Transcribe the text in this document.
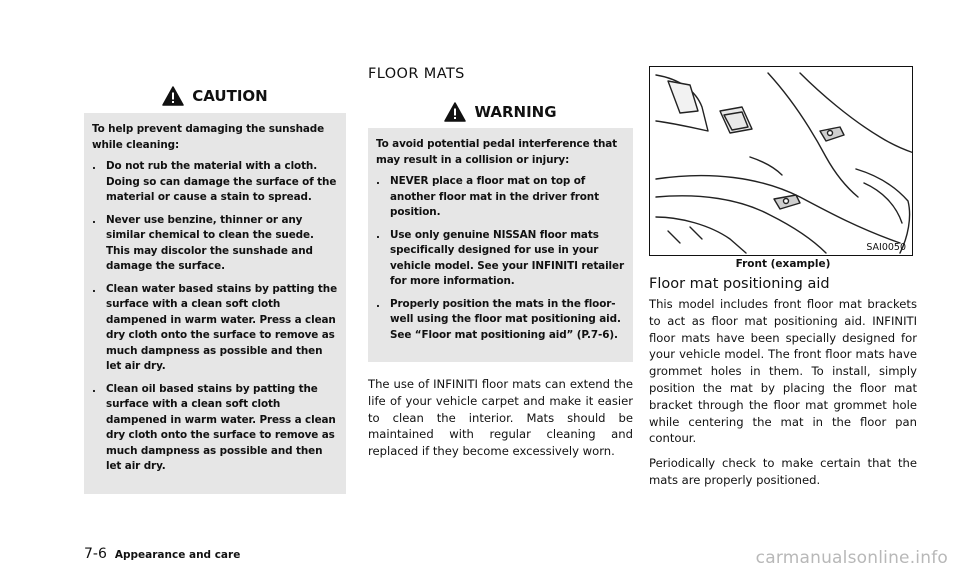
CAUTION

To help prevent damaging the sunshade while cleaning:

. Do not rub the material with a cloth. Doing so can damage the surface of the material or cause a stain to spread.
. Never use benzine, thinner or any similar chemical to clean the suede. This may discolor the sunshade and damage the surface.
. Clean water based stains by patting the surface with a clean soft cloth dampened in warm water. Press a clean dry cloth onto the surface to remove as much dampness as possible and then let air dry.
. Clean oil based stains by patting the surface with a clean soft cloth dampened in warm water. Press a clean dry cloth onto the surface to remove as much dampness as possible and then let air dry.
FLOOR MATS
WARNING

To avoid potential pedal interference that may result in a collision or injury:

. NEVER place a floor mat on top of another floor mat in the driver front position.
. Use only genuine NISSAN floor mats specifically designed for use in your vehicle model. See your INFINITI retailer for more information.
. Properly position the mats in the floor-well using the floor mat positioning aid. See “Floor mat positioning aid” (P.7-6).

The use of INFINITI floor mats can extend the life of your vehicle carpet and make it easier to clean the interior. Mats should be maintained with regular cleaning and replaced if they become excessively worn.

SAI0050
Front (example)
Floor mat positioning aid

This model includes front floor mat brackets to act as floor mat positioning aid. INFINITI floor mats have been specially designed for your vehicle model. The front floor mats have grommet holes in them. To install, simply position the mat by placing the floor mat bracket through the floor mat grommet hole while centering the mat in the floor pan contour.

Periodically check to make certain that the mats are properly positioned.

7-6 Appearance and care	carmanualsonline.info
